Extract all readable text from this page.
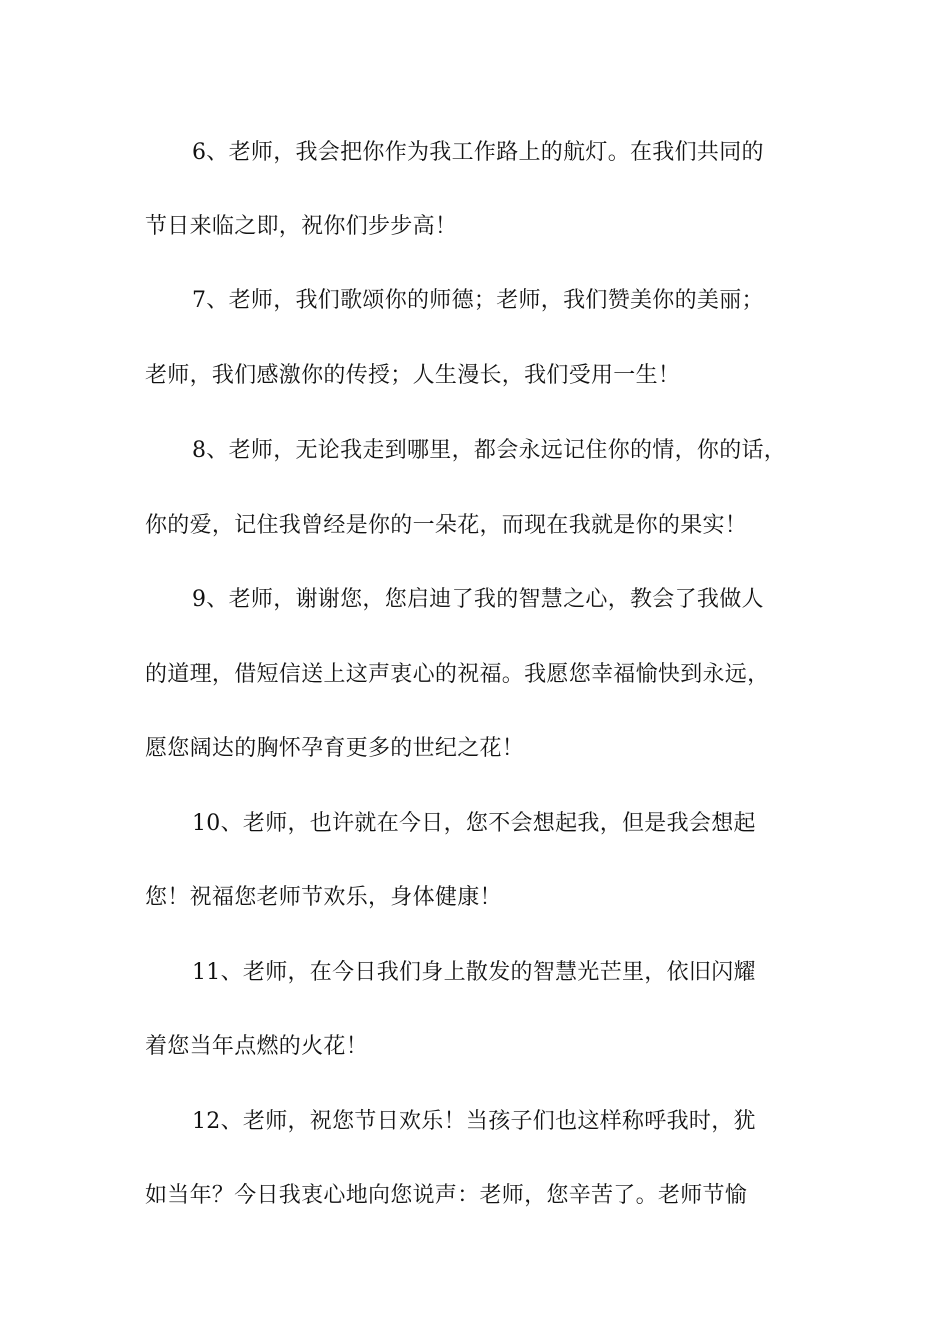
6、老师，我会把你作为我工作路上的航灯。在我们共同的
节日来临之即，祝你们步步高！
7、老师，我们歌颂你的师德；老师，我们赞美你的美丽；
老师，我们感激你的传授；人生漫长，我们受用一生！
8、老师，无论我走到哪里，都会永远记住你的情，你的话，
你的爱，记住我曾经是你的一朵花，而现在我就是你的果实！
9、老师，谢谢您，您启迪了我的智慧之心，教会了我做人
的道理，借短信送上这声衷心的祝福。我愿您幸福愉快到永远，
愿您阔达的胸怀孕育更多的世纪之花！
10、老师，也许就在今日，您不会想起我，但是我会想起
您！祝福您老师节欢乐，身体健康！
11、老师，在今日我们身上散发的智慧光芒里，依旧闪耀
着您当年点燃的火花！
12、老师，祝您节日欢乐！当孩子们也这样称呼我时，犹
如当年？今日我衷心地向您说声：老师，您辛苦了。老师节愉
